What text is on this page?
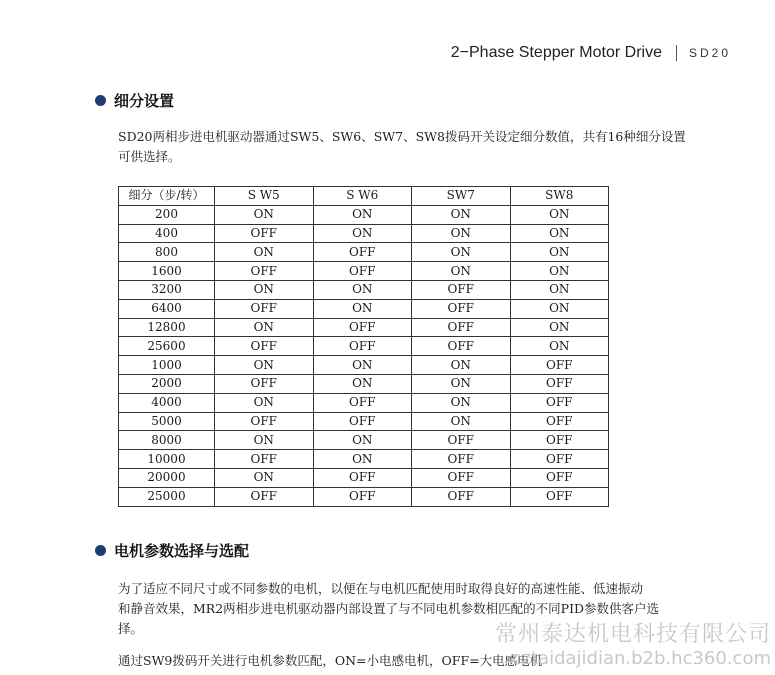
2−Phase Stepper Motor Drive SD20
细分设置
SD20两相步进电机驱动器通过SW5、SW6、SW7、SW8拨码开关设定细分数值，共有16种细分设置
可供选择。
细分（步/转）	S W5	S W6	SW7	SW8
200	ON	ON	ON	ON
400	OFF	ON	ON	ON
800	ON	OFF	ON	ON
1600	OFF	OFF	ON	ON
3200	ON	ON	OFF	ON
6400	OFF	ON	OFF	ON
12800	ON	OFF	OFF	ON
25600	OFF	OFF	OFF	ON
1000	ON	ON	ON	OFF
2000	OFF	ON	ON	OFF
4000	ON	OFF	ON	OFF
5000	OFF	OFF	ON	OFF
8000	ON	ON	OFF	OFF
10000	OFF	ON	OFF	OFF
20000	ON	OFF	OFF	OFF
25000	OFF	OFF	OFF	OFF
电机参数选择与选配
为了适应不同尺寸或不同参数的电机，以便在与电机匹配使用时取得良好的高速性能、低速振动
和静音效果，MR2两相步进电机驱动器内部设置了与不同电机参数相匹配的不同PID参数供客户选
择。
通过SW9拨码开关进行电机参数匹配，ON=小电感电机，OFF=大电感电机
常州泰达机电科技有限公司
cztaidajidian.b2b.hc360.com
